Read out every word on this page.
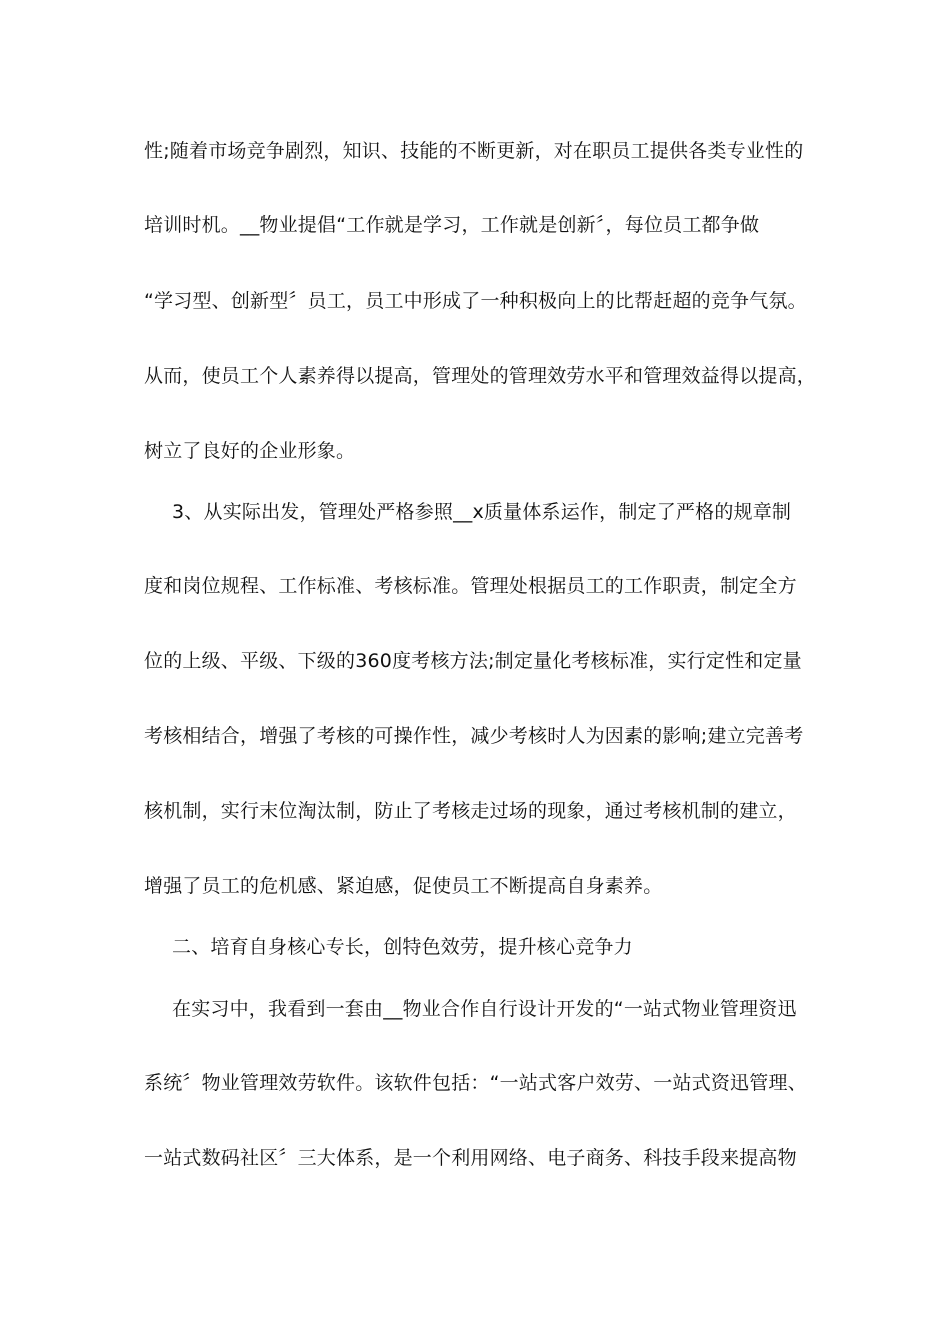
性;随着市场竞争剧烈，知识、技能的不断更新，对在职员工提供各类专业性的
培训时机。__物业提倡“工作就是学习，工作就是创新〞，每位员工都争做
“学习型、创新型〞员工，员工中形成了一种积极向上的比帮赶超的竞争气氛。
从而，使员工个人素养得以提高，管理处的管理效劳水平和管理效益得以提高，
树立了良好的企业形象。
3、从实际出发，管理处严格参照__x质量体系运作，制定了严格的规章制
度和岗位规程、工作标准、考核标准。管理处根据员工的工作职责，制定全方
位的上级、平级、下级的360度考核方法;制定量化考核标准，实行定性和定量
考核相结合，增强了考核的可操作性，减少考核时人为因素的影响;建立完善考
核机制，实行末位淘汰制，防止了考核走过场的现象，通过考核机制的建立，
增强了员工的危机感、紧迫感，促使员工不断提高自身素养。
二、培育自身核心专长，创特色效劳，提升核心竞争力
在实习中，我看到一套由__物业合作自行设计开发的“一站式物业管理资迅
系统〞物业管理效劳软件。该软件包括：“一站式客户效劳、一站式资迅管理、
一站式数码社区〞三大体系，是一个利用网络、电子商务、科技手段来提高物
